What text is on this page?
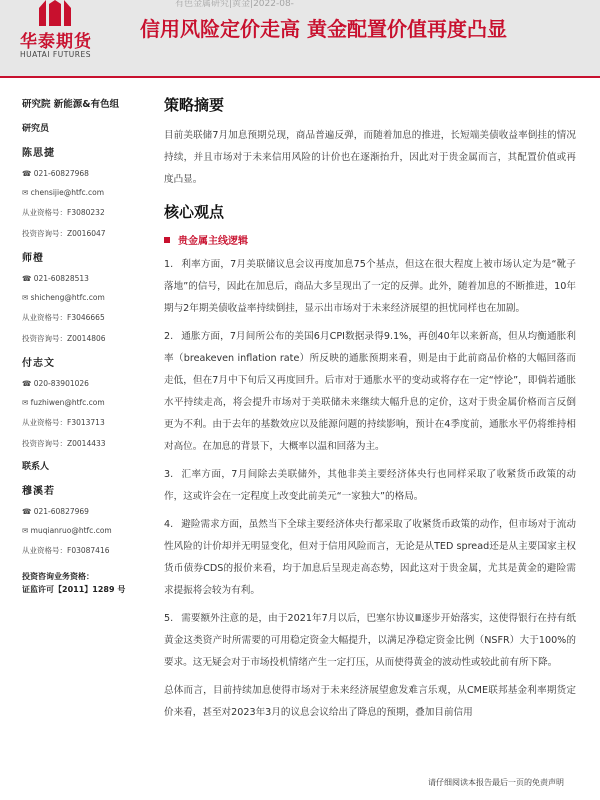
有色金属研究|黄金|2022-08-
华泰期货
HUATAI FUTURES
信用风险定价走高 黄金配置价值再度凸显
研究院 新能源&有色组
研究员
陈思捷
☎ 021-60827968
✉ chensijie@htfc.com
从业资格号：F3080232
投资咨询号：Z0016047
师橙
☎ 021-60828513
✉ shicheng@htfc.com
从业资格号：F3046665
投资咨询号：Z0014806
付志文
☎ 020-83901026
✉ fuzhiwen@htfc.com
从业资格号：F3013713
投资咨询号：Z0014433
联系人
穆溪若
☎ 021-60827969
✉ muqianruo@htfc.com
从业资格号：F03087416
投资咨询业务资格：
证监许可【2011】1289 号
策略摘要

目前美联储7月加息预期兑现，商品普遍反弹，而随着加息的推进，长短端美债收益率倒挂的情况持续，并且市场对于未来信用风险的计价也在逐渐抬升，因此对于贵金属而言，其配置价值或再度凸显。

核心观点
贵金属主线逻辑

1. 利率方面，7月美联储议息会议再度加息75个基点，但这在很大程度上被市场认定为是“靴子落地”的信号，因此在加息后，商品大多呈现出了一定的反弹。此外，随着加息的不断推进，10年期与2年期美债收益率持续倒挂，显示出市场对于未来经济展望的担忧同样也在加剧。

2. 通胀方面，7月间所公布的美国6月CPI数据录得9.1%，再创40年以来新高，但从均衡通胀利率（breakeven inflation rate）所反映的通胀预期来看，则是由于此前商品价格的大幅回落而走低，但在7月中下旬后又再度回升。后市对于通胀水平的变动或将存在一定“悖论”，即倘若通胀水平持续走高，将会提升市场对于美联储未来继续大幅升息的定价，这对于贵金属价格而言反倒更为不利。由于去年的基数效应以及能源问题的持续影响，预计在4季度前，通胀水平仍将维持相对高位。在加息的背景下，大概率以温和回落为主。

3. 汇率方面，7月间除去美联储外，其他非美主要经济体央行也同样采取了收紧货币政策的动作，这或许会在一定程度上改变此前美元“一家独大”的格局。

4. 避险需求方面，虽然当下全球主要经济体央行都采取了收紧货币政策的动作，但市场对于流动性风险的计价却并无明显变化，但对于信用风险而言，无论是从TED spread还是从主要国家主权货币债券CDS的报价来看，均于加息后呈现走高态势，因此这对于贵金属，尤其是黄金的避险需求提振将会较为有利。

5. 需要额外注意的是，由于2021年7月以后，巴塞尔协议Ⅲ逐步开始落实，这使得银行在持有纸黄金这类资产时所需要的可用稳定资金大幅提升，以满足净稳定资金比例（NSFR）大于100%的要求。这无疑会对于市场投机情绪产生一定打压，从而使得黄金的波动性或较此前有所下降。

总体而言，目前持续加息使得市场对于未来经济展望愈发难言乐观，从CME联邦基金利率期货定价来看，甚至对2023年3月的议息会议给出了降息的预期，叠加目前信用

请仔细阅读本报告最后一页的免责声明
